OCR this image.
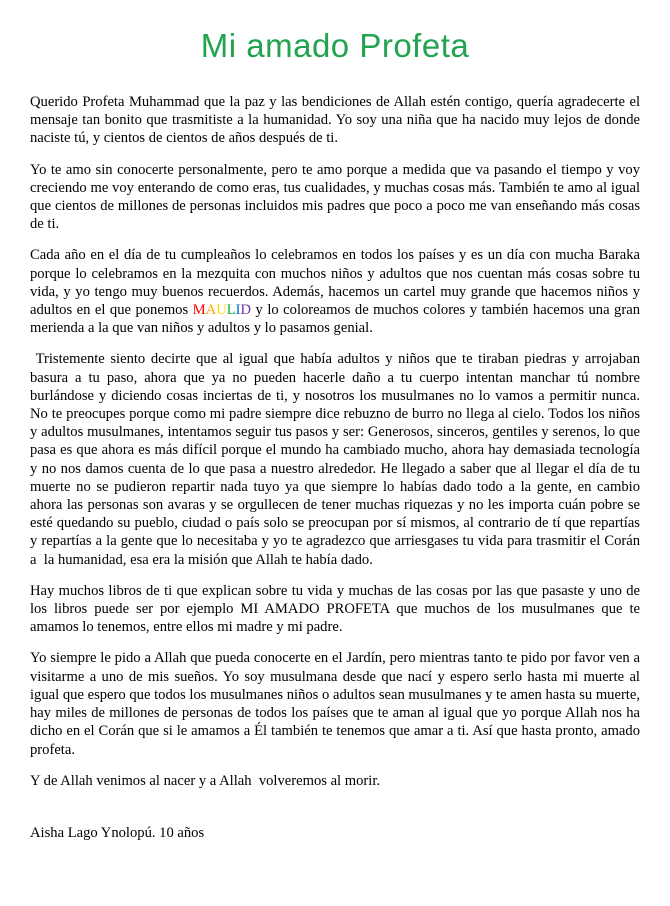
Mi amado Profeta

Querido Profeta Muhammad que la paz y las bendiciones de Allah estén contigo, quería agradecerte el mensaje tan bonito que trasmitiste a la humanidad. Yo soy una niña que ha nacido muy lejos de donde naciste tú, y cientos de cientos de años después de ti.

Yo te amo sin conocerte personalmente, pero te amo porque a medida que va pasando el tiempo y voy creciendo me voy enterando de como eras, tus cualidades, y muchas cosas más. También te amo al igual que cientos de millones de personas incluidos mis padres que poco a poco me van enseñando más cosas de ti.

Cada año en el día de tu cumpleaños lo celebramos en todos los países y es un día con mucha Baraka porque lo celebramos en la mezquita con muchos niños y adultos que nos cuentan más cosas sobre tu vida, y yo tengo muy buenos recuerdos. Además, hacemos un cartel muy grande que hacemos niños y adultos en el que ponemos MAULID y lo coloreamos de muchos colores y también hacemos una gran merienda a la que van niños y adultos y lo pasamos genial.

Tristemente siento decirte que al igual que había adultos y niños que te tiraban piedras y arrojaban basura a tu paso, ahora que ya no pueden hacerle daño a tu cuerpo intentan manchar tú nombre burlándose y diciendo cosas inciertas de ti, y nosotros los musulmanes no lo vamos a permitir nunca. No te preocupes porque como mi padre siempre dice rebuzno de burro no llega al cielo. Todos los niños y adultos musulmanes, intentamos seguir tus pasos y ser: Generosos, sinceros, gentiles y serenos, lo que pasa es que ahora es más difícil porque el mundo ha cambiado mucho, ahora hay demasiada tecnología y no nos damos cuenta de lo que pasa a nuestro alrededor. He llegado a saber que al llegar el día de tu muerte no se pudieron repartir nada tuyo ya que siempre lo habías dado todo a la gente, en cambio ahora las personas son avaras y se orgullecen de tener muchas riquezas y no les importa cuán pobre se esté quedando su pueblo, ciudad o país solo se preocupan por sí mismos, al contrario de tí que repartías y repartías a la gente que lo necesitaba y yo te agradezco que arriesgases tu vida para trasmitir el Corán a  la humanidad, esa era la misión que Allah te había dado.

Hay muchos libros de ti que explican sobre tu vida y muchas de las cosas por las que pasaste y uno de los libros puede ser por ejemplo MI AMADO PROFETA que muchos de los musulmanes que te amamos lo tenemos, entre ellos mi madre y mi padre.

Yo siempre le pido a Allah que pueda conocerte en el Jardín, pero mientras tanto te pido por favor ven a visitarme a uno de mis sueños. Yo soy musulmana desde que nací y espero serlo hasta mi muerte al igual que espero que todos los musulmanes niños o adultos sean musulmanes y te amen hasta su muerte, hay miles de millones de personas de todos los países que te aman al igual que yo porque Allah nos ha dicho en el Corán que si le amamos a Él también te tenemos que amar a ti. Así que hasta pronto, amado profeta.

Y de Allah venimos al nacer y a Allah  volveremos al morir.

Aisha Lago Ynolopú. 10 años
